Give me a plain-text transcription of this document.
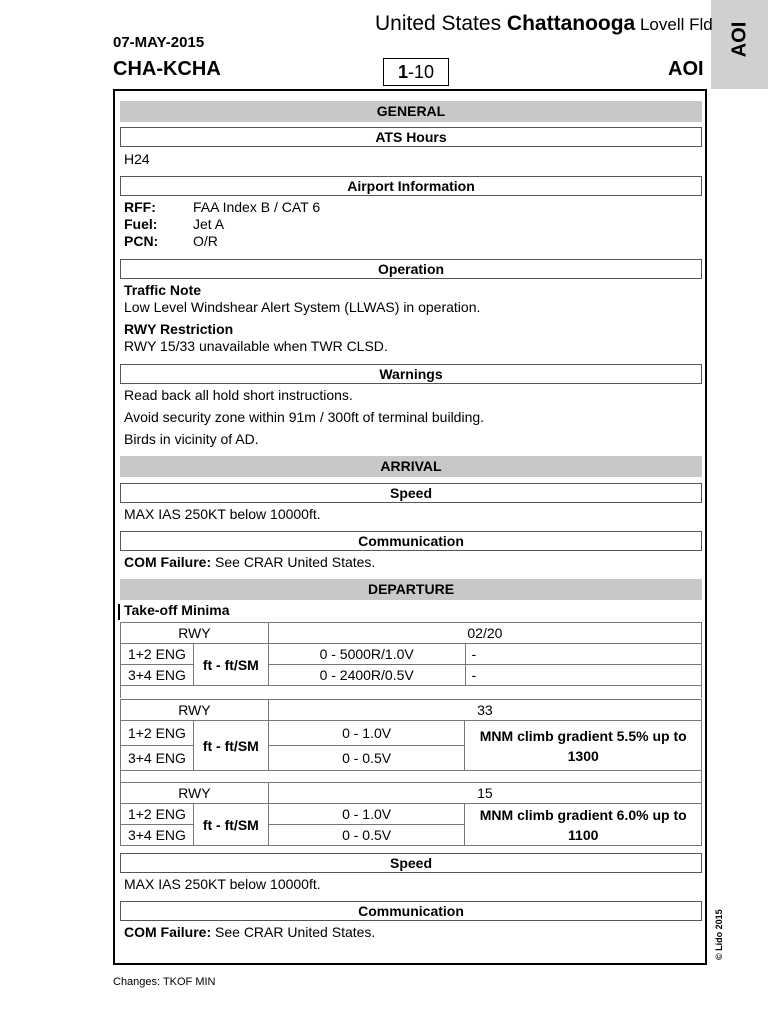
AOI
07-MAY-2015
CHA-KCHA
United States Chattanooga Lovell Fld
1-10	AOI
GENERAL
ATS Hours
H24
Airport Information
RFF:	FAA Index B / CAT 6
Fuel:	Jet A
PCN: O/R
Operation
Traffic Note
Low Level Windshear Alert System (LLWAS) in operation.
RWY Restriction
RWY 15/33 unavailable when TWR CLSD.
Warnings
Read back all hold short instructions.
Avoid security zone within 91m / 300ft of terminal building.
Birds in vicinity of AD.
ARRIVAL
Speed
MAX IAS 250KT below 10000ft.
Communication
COM Failure: See CRAR United States.
DEPARTURE
Take-off Minima
RWY		02/20	
1+2 ENG	ft - ft/SM	0 - 5000R/1.0V	-
3+4 ENG		0 - 2400R/0.5V	-
RWY		33	
1+2 ENG	ft - ft/SM	0 - 1.0V	MNM climb gradient 5.5% up to 1300
3+4 ENG		0 - 0.5V	
RWY		15	
1+2 ENG	ft - ft/SM	0 - 1.0V	MNM climb gradient 6.0% up to 1100
3+4 ENG		0 - 0.5V	
Speed
MAX IAS 250KT below 10000ft.
Communication
COM Failure: See CRAR United States.	© Lido 2015
Changes: TKOF MIN
